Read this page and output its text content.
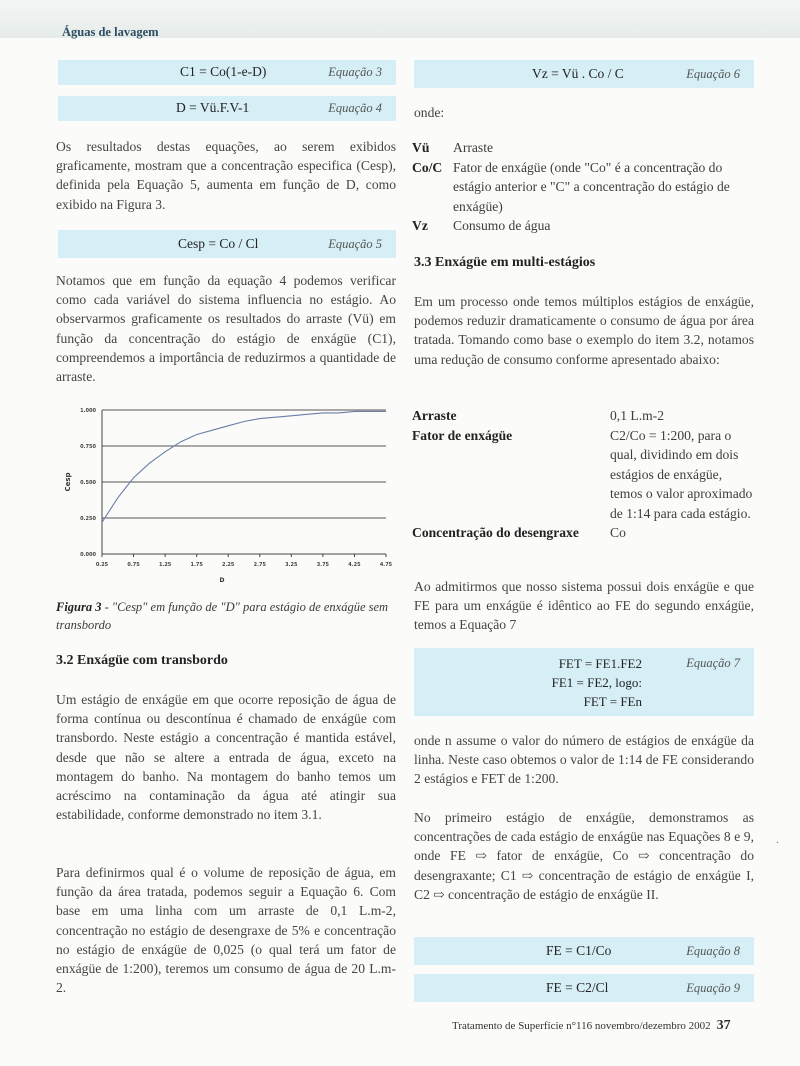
Águas de lavagem
C1 = Co(1-e-D)	Equação 3
D = Vü.F.V-1	Equação 4

Os resultados destas equações, ao serem exibidos graficamente, mostram que a concentração especifica (Cesp), definida pela Equação 5, aumenta em função de D, como exibido na Figura 3.

Cesp = Co / Cl	Equação 5

Notamos que em função da equação 4 podemos verificar como cada variável do sistema influencia no estágio. Ao observarmos graficamente os resultados do arraste (Vü) em função da concentração do estágio de enxágüe (C1), compreendemos a importância de reduzirmos a quantidade de arraste.

0.000
0.250
0.500
0.750
1.000
0.25	0.75	1.25	1.75	2.25	2.75	3.25	3.75	4.25	4.75
D
Cesp
Figura 3 - "Cesp" em função de "D" para estágio de enxágüe sem transbordo
3.2 Enxágüe com transbordo

Um estágio de enxágüe em que ocorre reposição de água de forma contínua ou descontínua é chamado de enxágüe com transbordo. Neste estágio a concentração é mantida estável, desde que não se altere a entrada de água, exceto na montagem do banho. Na montagem do banho temos um acréscimo na contaminação da água até atingir sua estabilidade, conforme demonstrado no item 3.1.

Para definirmos qual é o volume de reposição de água, em função da área tratada, podemos seguir a Equação 6. Com base em uma linha com um arraste de 0,1 L.m-2, concentração no estágio de desengraxe de 5% e concentração no estágio de enxágüe de 0,025 (o qual terá um fator de enxágüe de 1:200), teremos um consumo de água de 20 L.m-2.

Vz = Vü . Co / C	Equação 6
onde:
Vü	Arraste
Co/C Fator de enxágüe (onde "Co" é a concentração do estágio anterior e "C" a concentração do estágio de enxágüe)
Vz	Consumo de água
3.3 Enxágüe em multi-estágios

Em um processo onde temos múltiplos estágios de enxágüe, podemos reduzir dramaticamente o consumo de água por área tratada. Tomando como base o exemplo do item 3.2, notamos uma redução de consumo conforme apresentado abaixo:

Arraste	0,1 L.m-2
Fator de enxágüe	C2/Co = 1:200, para o qual, dividindo em dois estágios de enxágüe, temos o valor aproximado de 1:14 para cada estágio.
Concentração do desengraxe	Co

Ao admitirmos que nosso sistema possui dois enxágüe e que FE para um enxágüe é idêntico ao FE do segundo enxágüe, temos a Equação 7

FET = FE1.FE2
FE1 = FE2, logo:
FET = FEn
Equação 7

onde n assume o valor do número de estágios de enxágüe da linha. Neste caso obtemos o valor de 1:14 de FE considerando 2 estágios e FET de 1:200.

No primeiro estágio de enxágüe, demonstramos as concentrações de cada estágio de enxágüe nas Equações 8 e 9, onde FE ⇨ fator de enxágüe, Co ⇨ concentração do desengraxante; C1 ⇨ concentração de estágio de enxágüe I, C2 ⇨ concentração de estágio de enxágüe II.

FE = C1/Co	Equação 8
FE = C2/Cl	Equação 9
Tratamento de Superfície n°116 novembro/dezembro 2002 37
.
